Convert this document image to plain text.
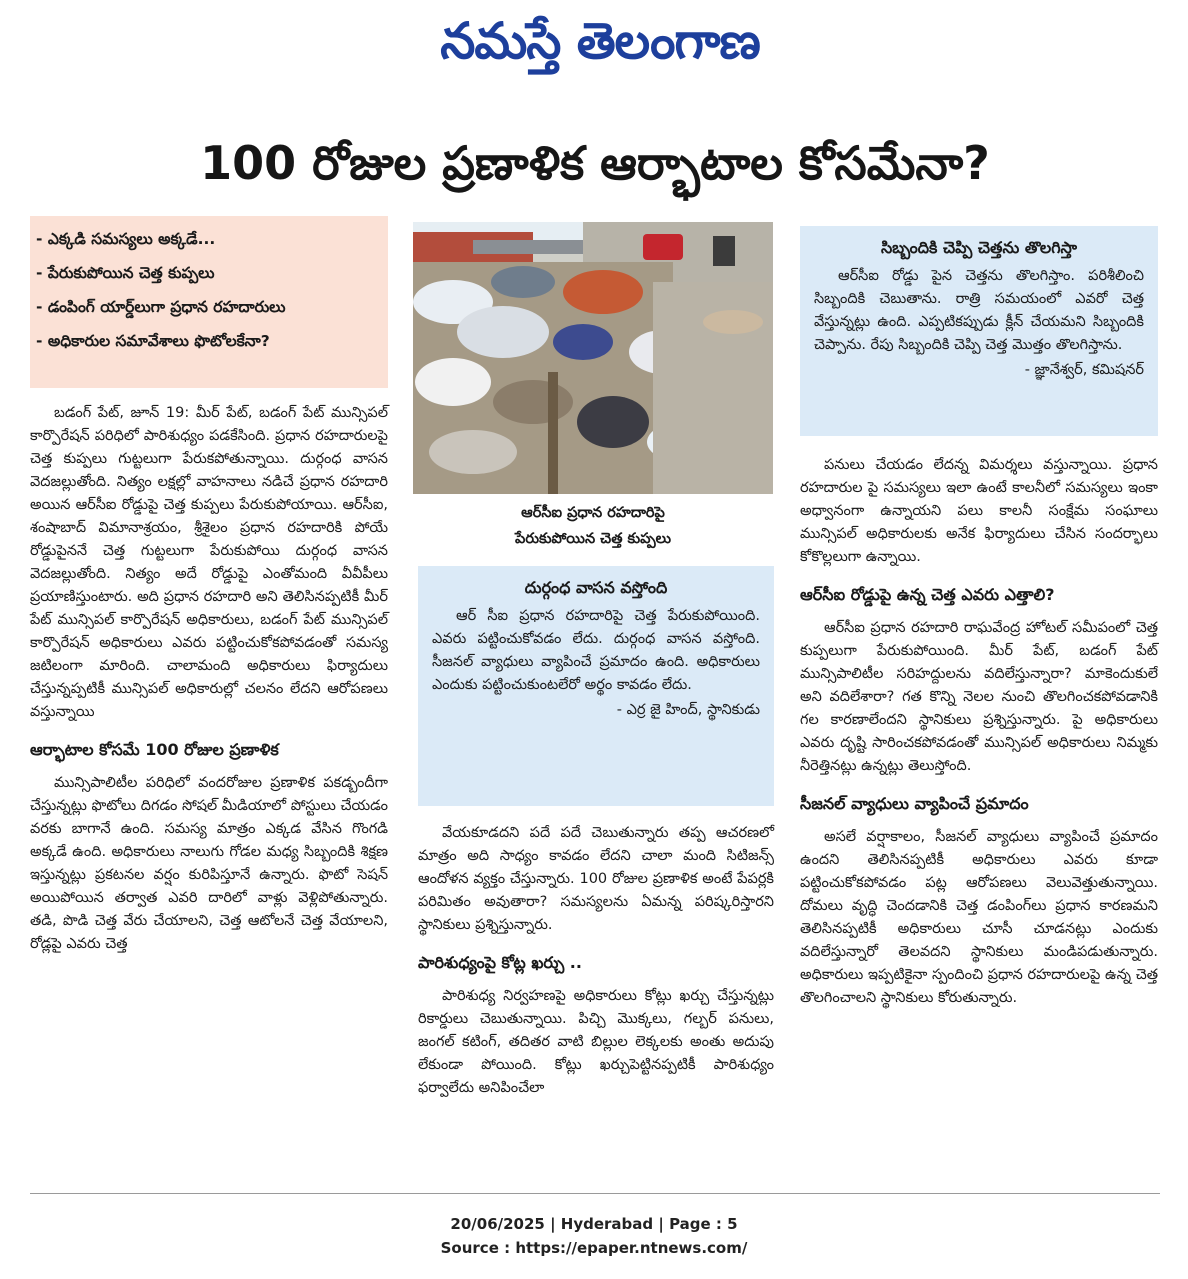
నమస్తే తెలంగాణ
100 రోజుల ప్రణాళిక ఆర్భాటాల కోసమేనా?
- ఎక్కడి సమస్యలు అక్కడే...
- పేరుకుపోయిన చెత్త కుప్పలు
- డంపింగ్ యార్డ్‌లుగా ప్రధాన రహదారులు
- అధికారుల సమావేశాలు ఫొటోలకేనా?

బడంగ్ పేట్, జూన్ 19: మీర్ పేట్, బడంగ్ పేట్ మున్సిపల్ కార్పొరేషన్ పరిధిలో పారిశుధ్యం పడకేసింది. ప్రధాన రహదారులపై చెత్త కుప్పలు గుట్టలుగా పేరుకపోతున్నాయి. దుర్గంధ వాసన వెదజల్లుతోంది. నిత్యం లక్షల్లో వాహనాలు నడిచే ప్రధాన రహదారి అయిన ఆర్‌సీఐ రోడ్డుపై చెత్త కుప్పలు పేరుకుపోయాయి. ఆర్‌సీఐ, శంషాబాద్ విమానాశ్రయం, శ్రీశైలం ప్రధాన రహదారికి పోయే రోడ్డుపైననే చెత్త గుట్టలుగా పేరుకుపోయి దుర్గంధ వాసన వెదజల్లుతోంది. నిత్యం అదే రోడ్డుపై ఎంతోమంది వీవీపీలు ప్రయాణిస్తుంటారు. అది ప్రధాన రహదారి అని తెలిసినప్పటికీ మీర్ పేట్ మున్సిపల్ కార్పొరేషన్ అధికారులు, బడంగ్ పేట్ మున్సిపల్ కార్పొరేషన్ అధికారులు ఎవరు పట్టించుకోకపోవడంతో సమస్య జటిలంగా మారింది. చాలామంది అధికారులు ఫిర్యాదులు చేస్తున్నప్పటికీ మున్సిపల్ అధికారుల్లో చలనం లేదని ఆరోపణలు వస్తున్నాయి

ఆర్భాటాల కోసమే 100 రోజుల ప్రణాళిక

మున్సిపాలిటీల పరిధిలో వందరోజుల ప్రణాళిక పకడ్బందీగా చేస్తున్నట్లు ఫొటోలు దిగడం సోషల్ మీడియాలో పోస్టులు చేయడం వరకు బాగానే ఉంది. సమస్య మాత్రం ఎక్కడ వేసిన గొంగడి అక్కడే ఉంది. అధికారులు నాలుగు గోడల మధ్య సిబ్బందికి శిక్షణ ఇస్తున్నట్లు ప్రకటనల వర్షం కురిపిస్తూనే ఉన్నారు. ఫొటో సెషన్ అయిపోయిన తర్వాత ఎవరి దారిలో వాళ్లు వెళ్లిపోతున్నారు. తడి, పొడి చెత్త వేరు చేయాలని, చెత్త ఆటోలనే చెత్త వేయాలని, రోడ్లపై ఎవరు చెత్త

ఆర్‌సీఐ ప్రధాన రహదారిపై
పేరుకుపోయిన చెత్త కుప్పలు
దుర్గంధ వాసన వస్తోంది

ఆర్ సీఐ ప్రధాన రహదారిపై చెత్త పేరుకుపోయింది. ఎవరు పట్టించుకోవడం లేదు. దుర్గంధ వాసన వస్తోంది. సీజనల్ వ్యాధులు వ్యాపించే ప్రమాదం ఉంది. అధికారులు ఎందుకు పట్టించుకుంటలేరో అర్థం కావడం లేదు.

- ఎర్ర జై హింద్, స్థానికుడు

వేయకూడదని పదే పదే చెబుతున్నారు తప్ప ఆచరణలో మాత్రం అది సాధ్యం కావడం లేదని చాలా మంది సిటిజన్స్ ఆందోళన వ్యక్తం చేస్తున్నారు. 100 రోజుల ప్రణాళిక అంటే పేపర్లకి పరిమితం అవుతారా? సమస్యలను ఏమన్న పరిష్కరిస్తారని స్థానికులు ప్రశ్నిస్తున్నారు.

పారిశుధ్యంపై కోట్ల ఖర్చు ..

పారిశుధ్య నిర్వహణపై అధికారులు కోట్లు ఖర్చు చేస్తున్నట్లు రికార్డులు చెబుతున్నాయి. పిచ్చి మొక్కలు, గల్బర్ పనులు, జంగల్ కటింగ్, తదితర వాటి బిల్లుల లెక్కలకు అంతు అదుపు లేకుండా పోయింది. కోట్లు ఖర్చుపెట్టినప్పటికీ పారిశుధ్యం ఫర్వాలేదు అనిపించేలా

సిబ్బందికి చెప్పి చెత్తను తొలగిస్తా

ఆర్‌సీఐ రోడ్డు పైన చెత్తను తొలగిస్తాం. పరిశీలించి సిబ్బందికి చెబుతాను. రాత్రి సమయంలో ఎవరో చెత్త వేస్తున్నట్లు ఉంది. ఎప్పటికప్పుడు క్లీన్ చేయమని సిబ్బందికి చెప్పాను. రేపు సిబ్బందికి చెప్పి చెత్త మొత్తం తొలగిస్తాను.

- జ్ఞానేశ్వర్, కమిషనర్

పనులు చేయడం లేదన్న విమర్శలు వస్తున్నాయి. ప్రధాన రహదారుల పై సమస్యలు ఇలా ఉంటే కాలనీలో సమస్యలు ఇంకా అధ్వానంగా ఉన్నాయని పలు కాలనీ సంక్షేమ సంఘాలు మున్సిపల్ అధికారులకు అనేక ఫిర్యాదులు చేసిన సందర్భాలు కోకొల్లలుగా ఉన్నాయి.

ఆర్‌సీఐ రోడ్డుపై ఉన్న చెత్త ఎవరు ఎత్తాలి?

ఆర్‌సీఐ ప్రధాన రహదారి రాఘవేంద్ర హోటల్ సమీపంలో చెత్త కుప్పలుగా పేరుకుపోయింది. మీర్ పేట్, బడంగ్ పేట్ మున్సిపాలిటీల సరిహద్దులను వదిలేస్తున్నారా? మాకెందుకులే అని వదిలేశారా? గత కొన్ని నెలల నుంచి తొలగించకపోవడానికి గల కారణాలేందని స్థానికులు ప్రశ్నిస్తున్నారు. పై అధికారులు ఎవరు దృష్టి సారించకపోవడంతో మున్సిపల్ అధికారులు నిమ్మకు నీరెత్తినట్లు ఉన్నట్లు తెలుస్తోంది.

సీజనల్ వ్యాధులు వ్యాపించే ప్రమాదం

అసలే వర్షాకాలం, సీజనల్ వ్యాధులు వ్యాపించే ప్రమాదం ఉందని తెలిసినప్పటికీ అధికారులు ఎవరు కూడా పట్టించుకోకపోవడం పట్ల ఆరోపణలు వెలువెత్తుతున్నాయి. దోమలు వృద్ధి చెందడానికి చెత్త డంపింగ్‌లు ప్రధాన కారణమని తెలిసినప్పటికీ అధికారులు చూసీ చూడనట్లు ఎందుకు వదిలేస్తున్నారో తెలవదని స్థానికులు మండిపడుతున్నారు. అధికారులు ఇప్పటికైనా స్పందించి ప్రధాన రహదారులపై ఉన్న చెత్త తొలగించాలని స్థానికులు కోరుతున్నారు.

20/06/2025 | Hyderabad | Page : 5
Source : https://epaper.ntnews.com/
